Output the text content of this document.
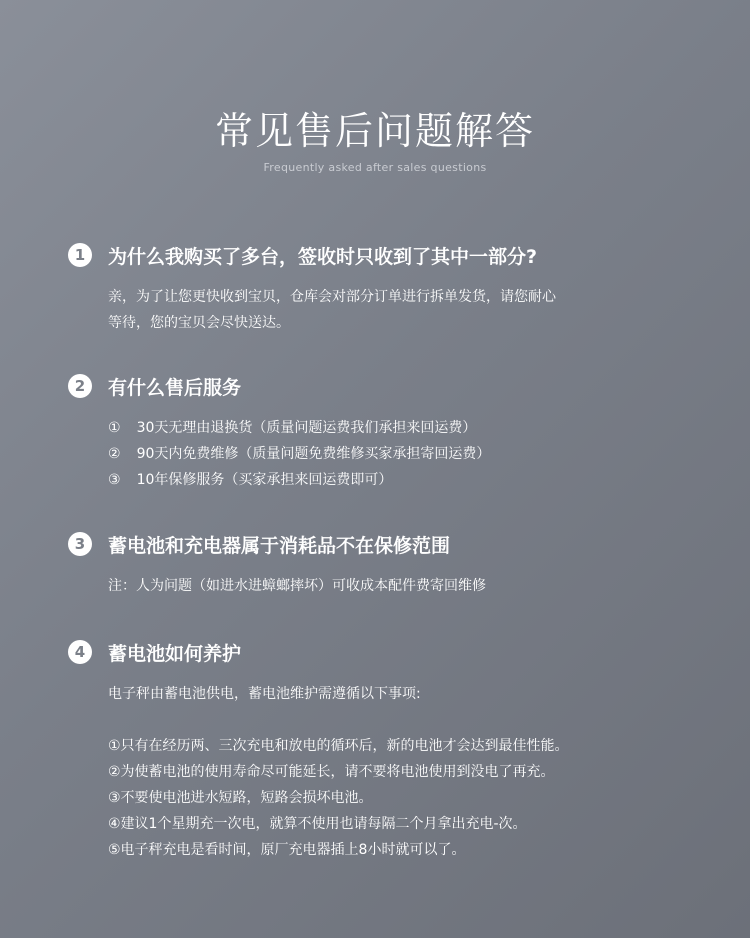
常见售后问题解答
Frequently asked after sales questions
1	为什么我购买了多台，签收时只收到了其中一部分?
亲，为了让您更快收到宝贝，仓库会对部分订单进行拆单发货，请您耐心
等待，您的宝贝会尽快送达。
2	有什么售后服务
① 30天无理由退换货（质量问题运费我们承担来回运费）
② 90天内免费维修（质量问题免费维修买家承担寄回运费）
③ 10年保修服务（买家承担来回运费即可）
3	蓄电池和充电器属于消耗品不在保修范围
注：人为问题（如进水进蟑螂摔坏）可收成本配件费寄回维修
4	蓄电池如何养护
电子秤由蓄电池供电，蓄电池维护需遵循以下事项:
①只有在经历两、三次充电和放电的循环后，新的电池才会达到最佳性能。
②为使蓄电池的使用寿命尽可能延长，请不要将电池使用到没电了再充。
③不要使电池进水短路，短路会损坏电池。
④建议1个星期充一次电，就算不使用也请每隔二个月拿出充电-次。
⑤电子秤充电是看时间，原厂充电器插上8小时就可以了。
